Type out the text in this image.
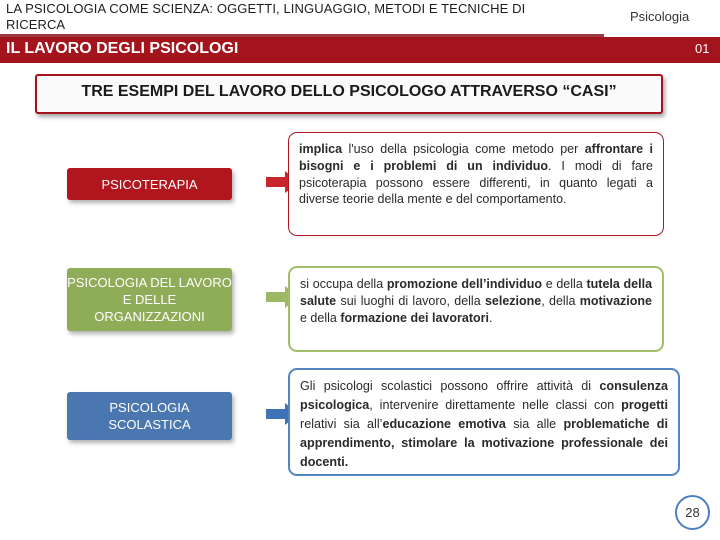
LA PSICOLOGIA COME SCIENZA: OGGETTI, LINGUAGGIO, METODI E TECNICHE DI RICERCA
Psicologia
IL LAVORO DEGLI PSICOLOGI	01
TRE ESEMPI DEL LAVORO DELLO PSICOLOGO ATTRAVERSO “CASI”
PSICOTERAPIA
implica l'uso della psicologia come metodo per affrontare i bisogni e i problemi di un individuo. I modi di fare psicoterapia possono essere differenti, in quanto legati a diverse teorie della mente e del comportamento.
PSICOLOGIA DEL LAVORO E DELLE ORGANIZZAZIONI
si occupa della promozione dell’individuo e della tutela della salute sui luoghi di lavoro, della selezione, della motivazione e della formazione dei lavoratori.
PSICOLOGIA SCOLASTICA
Gli psicologi scolastici possono offrire attività di consulenza psicologica, intervenire direttamente nelle classi con progetti relativi sia all’educazione emotiva sia alle problematiche di apprendimento, stimolare la motivazione professionale dei docenti.
28
